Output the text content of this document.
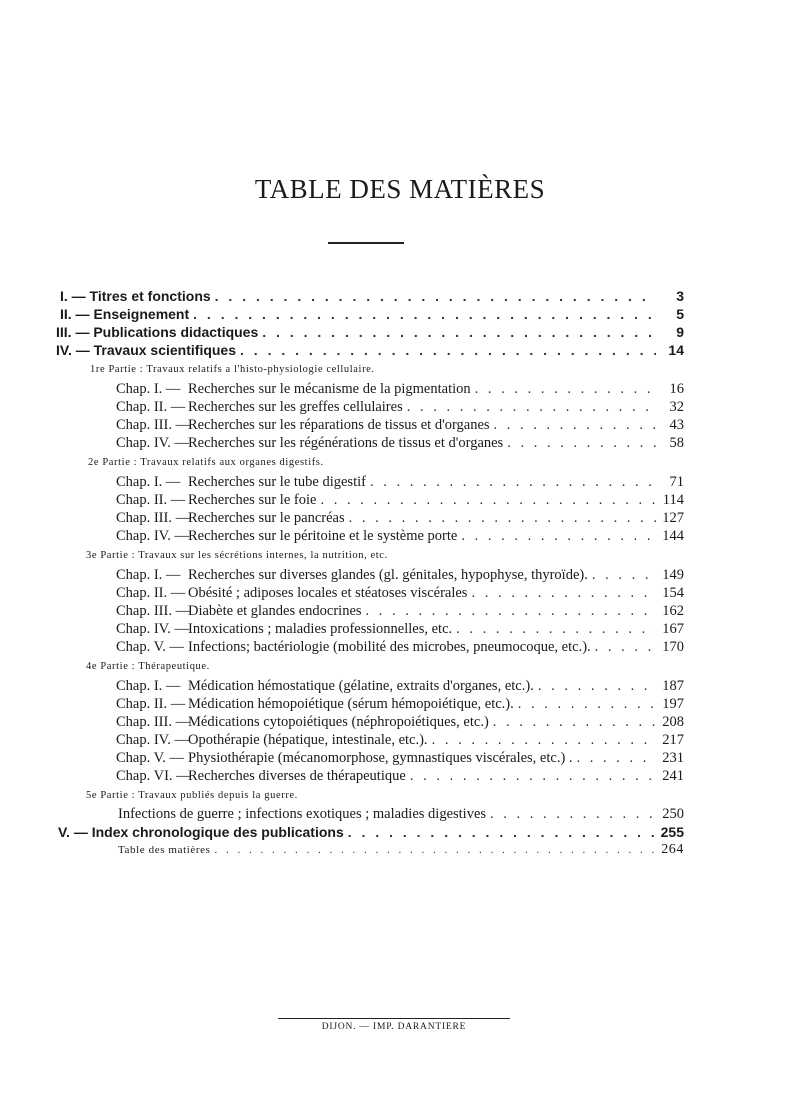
TABLE DES MATIÈRES
I. — Titres et fonctions . . .	3
II. — Enseignement . . .	5
III. — Publications didactiques . . .	9
IV. — Travaux scientifiques . . .	14
1re Partie : Travaux relatifs a l'histo-physiologie cellulaire.
Chap. I. — Recherches sur le mécanisme de la pigmentation . . .	16
Chap. II. — Recherches sur les greffes cellulaires . . .	32
Chap. III. —Recherches sur les réparations de tissus et d'organes . . .	43
Chap. IV. —Recherches sur les régénérations de tissus et d'organes . . .	58
2e Partie : Travaux relatifs aux organes digestifs.
Chap. I. — Recherches sur le tube digestif . . .	71
Chap. II. — Recherches sur le foie . . .	114
Chap. III. —Recherches sur le pancréas . . .	127
Chap. IV. —Recherches sur le péritoine et le système porte . . .	144
3e Partie : Travaux sur les sécrétions internes, la nutrition, etc.
Chap. I. — Recherches sur diverses glandes (gl. génitales, hypophyse, thyroïde). . . .	149
Chap. II. — Obésité ; adiposes locales et stéatoses viscérales . . .	154
Chap. III. —Diabète et glandes endocrines . . .	162
Chap. IV. —Intoxications ; maladies professionnelles, etc. . . .	167
Chap. V. — Infections; bactériologie (mobilité des microbes, pneumocoque, etc.). . . .	170
4e Partie : Thérapeutique.
Chap. I. — Médication hémostatique (gélatine, extraits d'organes, etc.). . . .	187
Chap. II. — Médication hémopoiétique (sérum hémopoiétique, etc.). . . .	197
Chap. III. —Médications cytopoiétiques (néphropoiétiques, etc.) . . .	208
Chap. IV. —Opothérapie (hépatique, intestinale, etc.). . . .	217
Chap. V. — Physiothérapie (mécanomorphose, gymnastiques viscérales, etc.) . . . .	231
Chap. VI. —Recherches diverses de thérapeutique . . .	241
5e Partie : Travaux publiés depuis la guerre.
Infections de guerre ; infections exotiques ; maladies digestives . . .	250
V. — Index chronologique des publications . . .	255
Table des matières . . .	264
DIJON. — IMP. DARANTIERE
